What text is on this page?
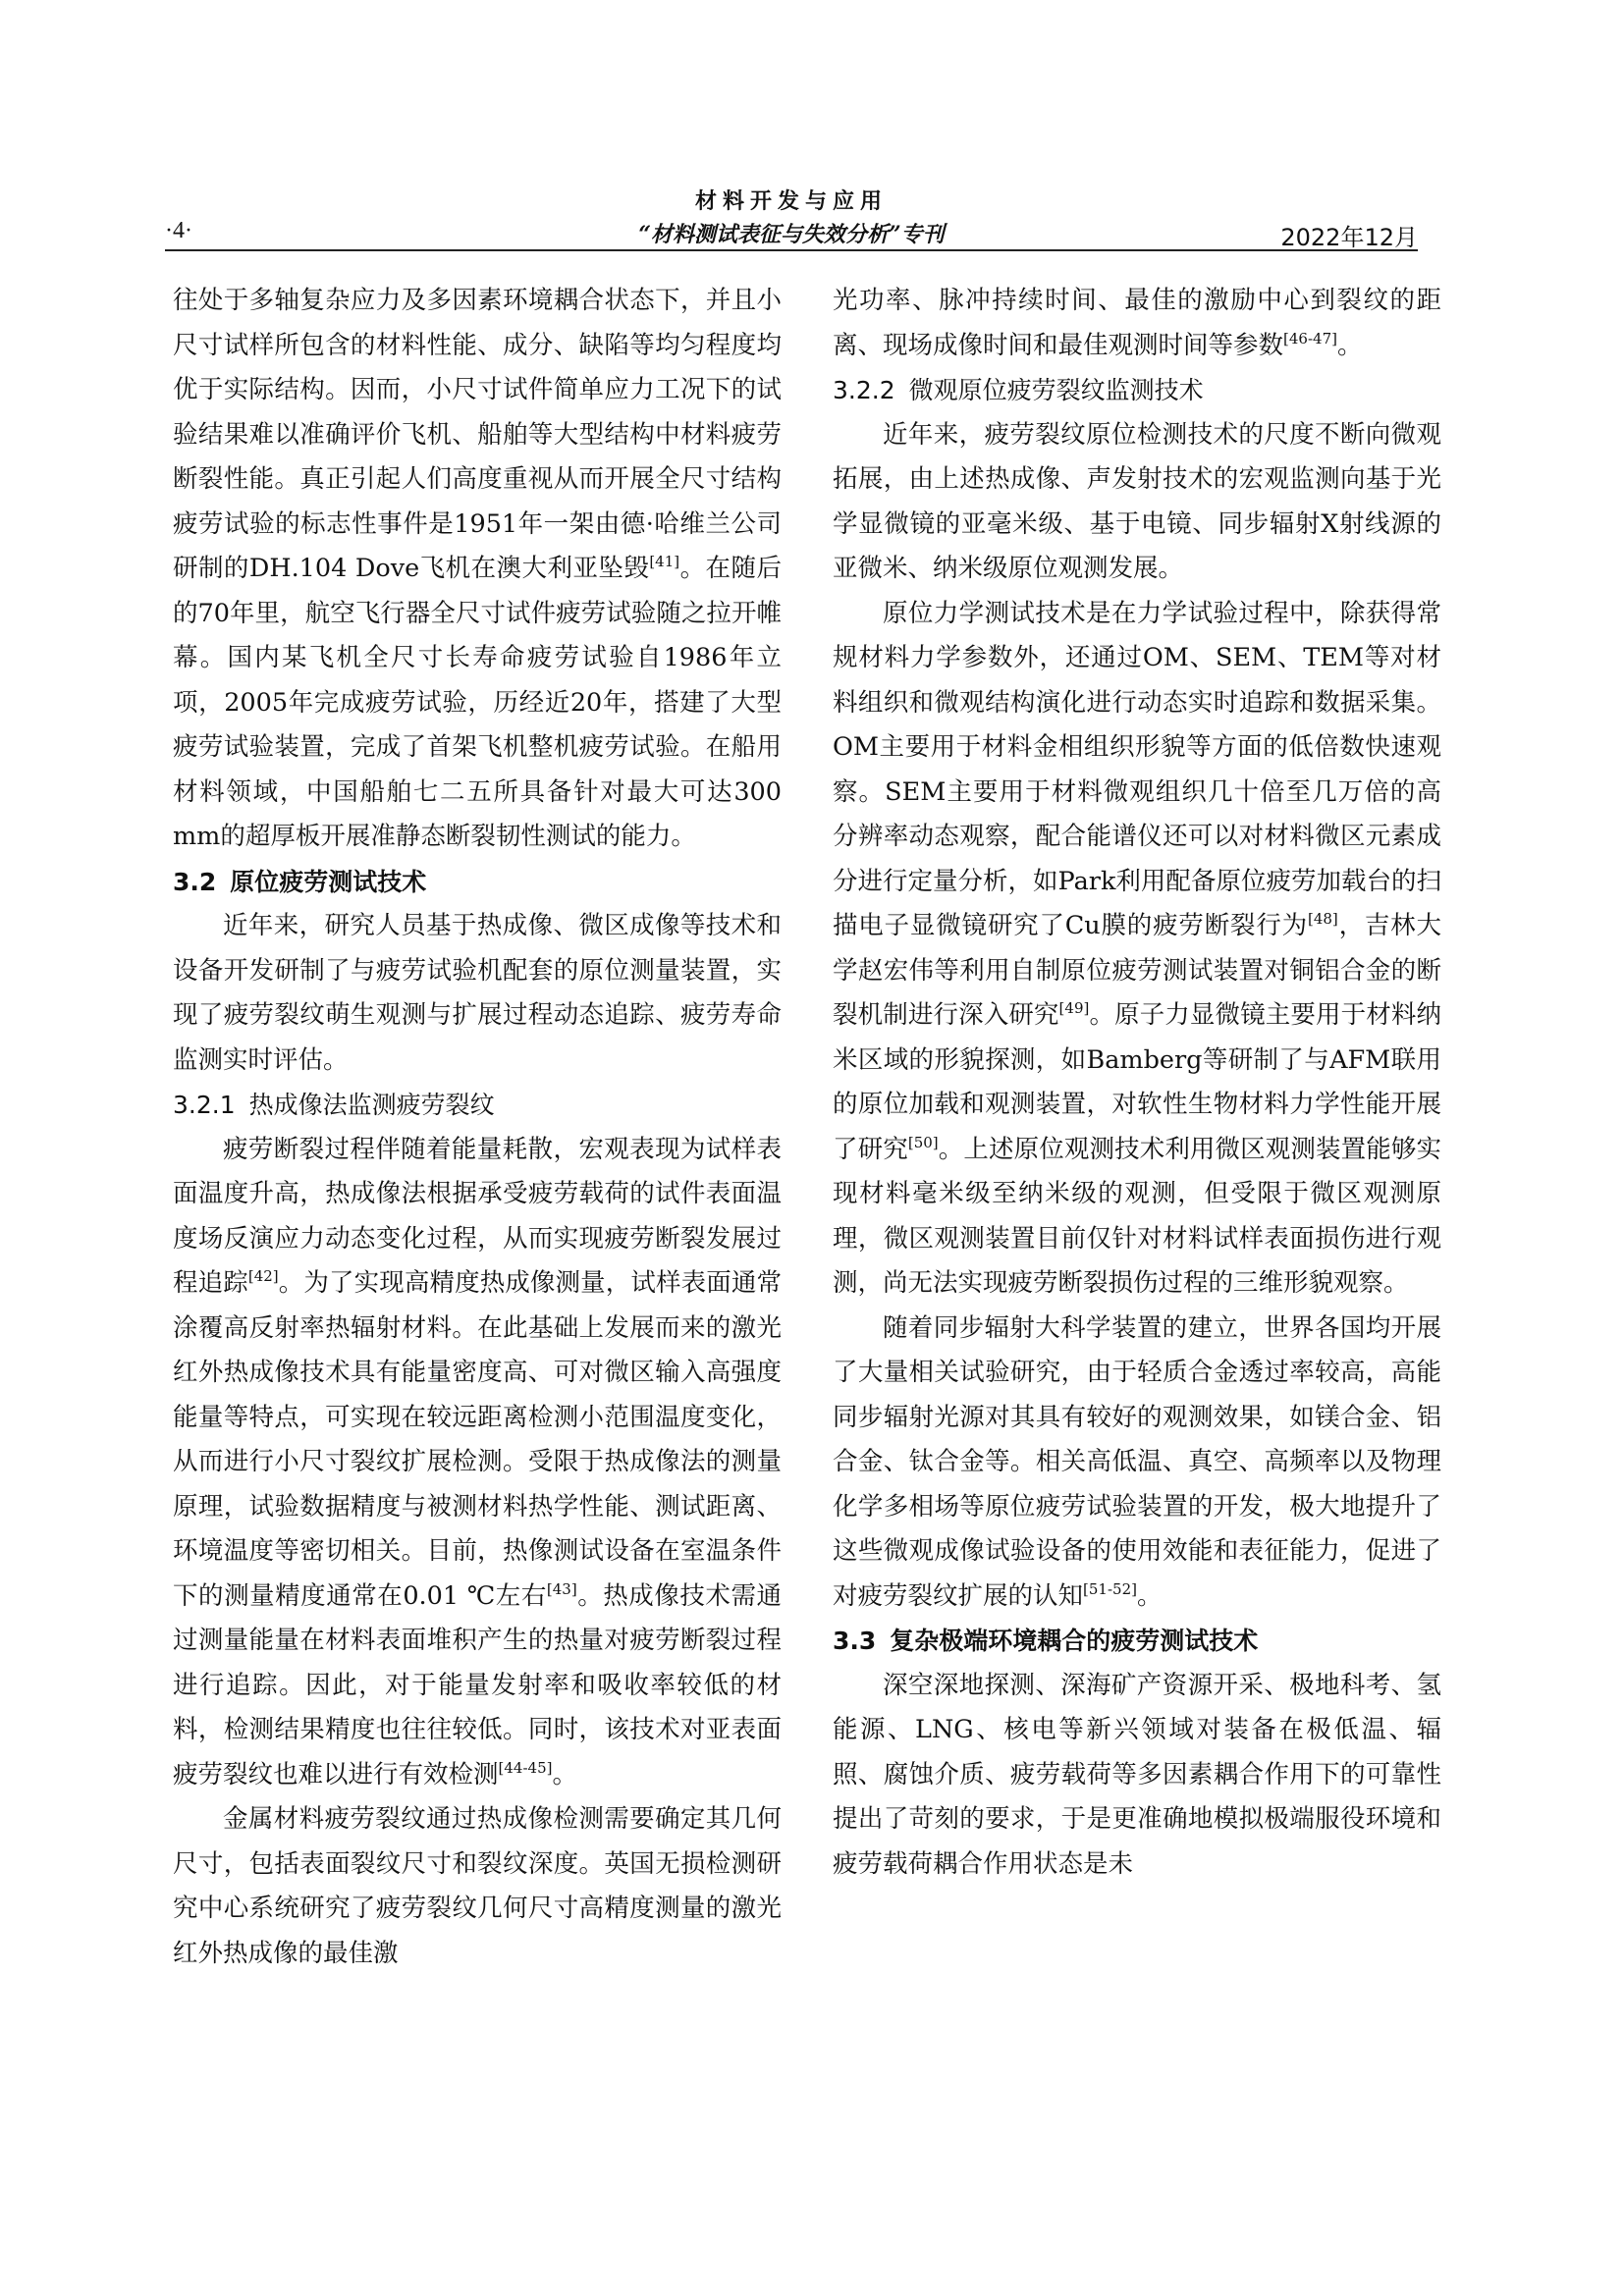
·4·
材料开发与应用
“材料测试表征与失效分析”专刊	2022年12月

往处于多轴复杂应力及多因素环境耦合状态下，并且小尺寸试样所包含的材料性能、成分、缺陷等均匀程度均优于实际结构。因而，小尺寸试件简单应力工况下的试验结果难以准确评价飞机、船舶等大型结构中材料疲劳断裂性能。真正引起人们高度重视从而开展全尺寸结构疲劳试验的标志性事件是1951年一架由德·哈维兰公司研制的DH.104 Dove飞机在澳大利亚坠毁[41]。在随后的70年里，航空飞行器全尺寸试件疲劳试验随之拉开帷幕。国内某飞机全尺寸长寿命疲劳试验自1986年立项，2005年完成疲劳试验，历经近20年，搭建了大型疲劳试验装置，完成了首架飞机整机疲劳试验。在船用材料领域，中国船舶七二五所具备针对最大可达300 mm的超厚板开展准静态断裂韧性测试的能力。

3.2 原位疲劳测试技术

近年来，研究人员基于热成像、微区成像等技术和设备开发研制了与疲劳试验机配套的原位测量装置，实现了疲劳裂纹萌生观测与扩展过程动态追踪、疲劳寿命监测实时评估。

3.2.1 热成像法监测疲劳裂纹

疲劳断裂过程伴随着能量耗散，宏观表现为试样表面温度升高，热成像法根据承受疲劳载荷的试件表面温度场反演应力动态变化过程，从而实现疲劳断裂发展过程追踪[42]。为了实现高精度热成像测量，试样表面通常涂覆高反射率热辐射材料。在此基础上发展而来的激光红外热成像技术具有能量密度高、可对微区输入高强度能量等特点，可实现在较远距离检测小范围温度变化，从而进行小尺寸裂纹扩展检测。受限于热成像法的测量原理，试验数据精度与被测材料热学性能、测试距离、环境温度等密切相关。目前，热像测试设备在室温条件下的测量精度通常在0.01 ℃左右[43]。热成像技术需通过测量能量在材料表面堆积产生的热量对疲劳断裂过程进行追踪。因此，对于能量发射率和吸收率较低的材料，检测结果精度也往往较低。同时，该技术对亚表面疲劳裂纹也难以进行有效检测[44-45]。

金属材料疲劳裂纹通过热成像检测需要确定其几何尺寸，包括表面裂纹尺寸和裂纹深度。英国无损检测研究中心系统研究了疲劳裂纹几何尺寸高精度测量的激光红外热成像的最佳激

光功率、脉冲持续时间、最佳的激励中心到裂纹的距离、现场成像时间和最佳观测时间等参数[46-47]。

3.2.2 微观原位疲劳裂纹监测技术

近年来，疲劳裂纹原位检测技术的尺度不断向微观拓展，由上述热成像、声发射技术的宏观监测向基于光学显微镜的亚毫米级、基于电镜、同步辐射X射线源的亚微米、纳米级原位观测发展。

原位力学测试技术是在力学试验过程中，除获得常规材料力学参数外，还通过OM、SEM、TEM等对材料组织和微观结构演化进行动态实时追踪和数据采集。OM主要用于材料金相组织形貌等方面的低倍数快速观察。SEM主要用于材料微观组织几十倍至几万倍的高分辨率动态观察，配合能谱仪还可以对材料微区元素成分进行定量分析，如Park利用配备原位疲劳加载台的扫描电子显微镜研究了Cu膜的疲劳断裂行为[48]，吉林大学赵宏伟等利用自制原位疲劳测试装置对铜铝合金的断裂机制进行深入研究[49]。原子力显微镜主要用于材料纳米区域的形貌探测，如Bamberg等研制了与AFM联用的原位加载和观测装置，对软性生物材料力学性能开展了研究[50]。上述原位观测技术利用微区观测装置能够实现材料毫米级至纳米级的观测，但受限于微区观测原理，微区观测装置目前仅针对材料试样表面损伤进行观测，尚无法实现疲劳断裂损伤过程的三维形貌观察。

随着同步辐射大科学装置的建立，世界各国均开展了大量相关试验研究，由于轻质合金透过率较高，高能同步辐射光源对其具有较好的观测效果，如镁合金、铝合金、钛合金等。相关高低温、真空、高频率以及物理化学多相场等原位疲劳试验装置的开发，极大地提升了这些微观成像试验设备的使用效能和表征能力，促进了对疲劳裂纹扩展的认知[51-52]。

3.3 复杂极端环境耦合的疲劳测试技术

深空深地探测、深海矿产资源开采、极地科考、氢能源、LNG、核电等新兴领域对装备在极低温、辐照、腐蚀介质、疲劳载荷等多因素耦合作用下的可靠性提出了苛刻的要求，于是更准确地模拟极端服役环境和疲劳载荷耦合作用状态是未
